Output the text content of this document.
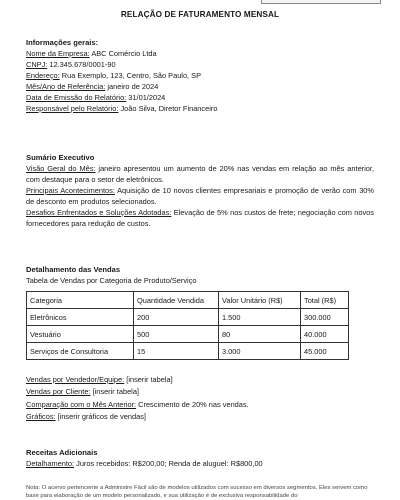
RELAÇÃO DE FATURAMENTO MENSAL
Informações gerais:
Nome da Empresa: ABC Comércio Ltda
CNPJ: 12.345.678/0001-90
Endereço: Rua Exemplo, 123, Centro, São Paulo, SP
Mês/Ano de Referência: janeiro de 2024
Data de Emissão do Relatório: 31/01/2024
Responsável pelo Relatório: João Silva, Diretor Financeiro
Sumário Executivo
Visão Geral do Mês: janeiro apresentou um aumento de 20% nas vendas em relação ao mês anterior, com destaque para o setor de eletrônicos.
Principais Acontecimentos: Aquisição de 10 novos clientes empresariais e promoção de verão com 30% de desconto em produtos selecionados.
Desafios Enfrentados e Soluções Adotadas: Elevação de 5% nos custos de frete; negociação com novos fornecedores para redução de custos.
Detalhamento das Vendas
Tabela de Vendas por Categoria de Produto/Serviço
Categoria	Quantidade Vendida	Valor Unitário (R$)	Total (R$)
Eletrônicos	200	1.500	300.000
Vestuário	500	80	40.000
Serviços de Consultoria	15	3.000	45.000
Vendas por Vendedor/Equipe: [inserir tabela]
Vendas por Cliente: [inserir tabela]
Comparação com o Mês Anterior: Crescimento de 20% nas vendas.
Gráficos: [inserir gráficos de vendas]
Receitas Adicionais
Detalhamento: Juros recebidos: R$200,00; Renda de aluguel: R$800,00
Nota: O acervo pertencente a Administre Fácil são de modelos utilizados com sucesso em diversos segmentos. Eles servem como base para elaboração de um modelo personalizado, e sua utilização é de exclusiva responsabilidade do
